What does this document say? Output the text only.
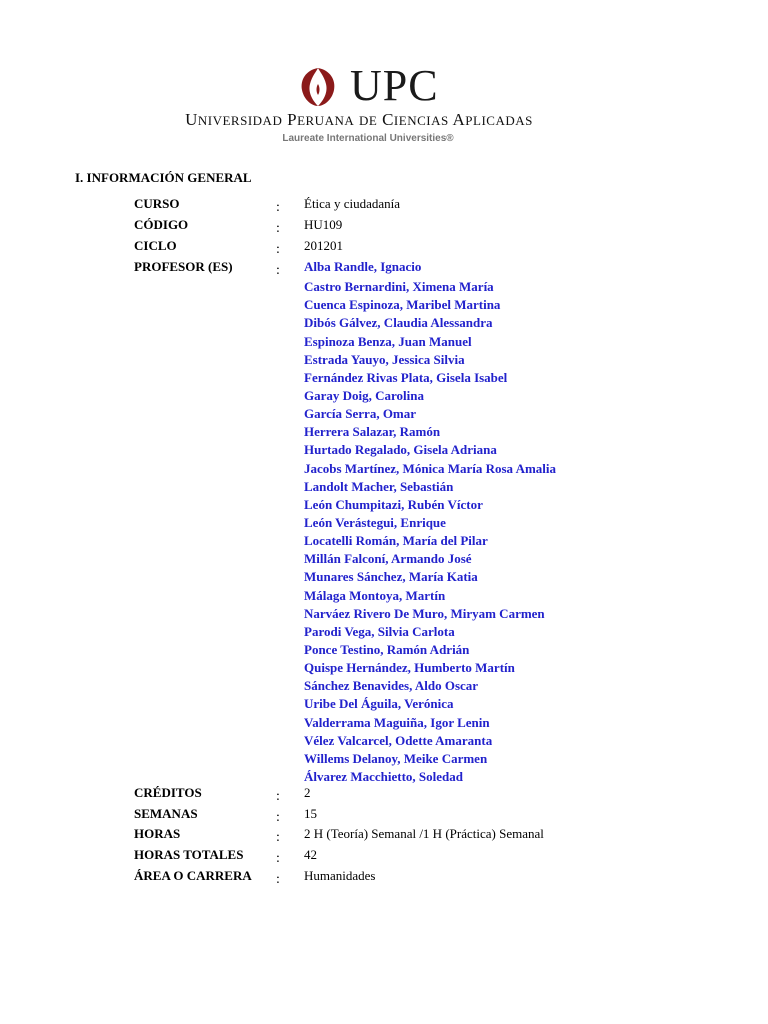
UPC
UNIVERSIDAD PERUANA DE CIENCIAS APLICADAS
Laureate International Universities®
I. INFORMACIÓN GENERAL
CURSO	: Ética y ciudadanía
CÓDIGO	: HU109
CICLO	: 201201
PROFESOR (ES)	: Alba Randle, Ignacio
Castro Bernardini, Ximena María
Cuenca Espinoza, Maribel Martina
Dibós Gálvez, Claudia Alessandra
Espinoza Benza, Juan Manuel
Estrada Yauyo, Jessica Silvia
Fernández Rivas Plata, Gisela Isabel
Garay Doig, Carolina
García Serra, Omar
Herrera Salazar, Ramón
Hurtado Regalado, Gisela Adriana
Jacobs Martínez, Mónica María Rosa Amalia
Landolt Macher, Sebastián
León Chumpitazi, Rubén Víctor
León Verástegui, Enrique
Locatelli Román, María del Pilar
Millán Falconí, Armando José
Munares Sánchez, María Katia
Málaga Montoya, Martín
Narváez Rivero De Muro, Miryam Carmen
Parodi Vega, Silvia Carlota
Ponce Testino, Ramón Adrián
Quispe Hernández, Humberto Martín
Sánchez Benavides, Aldo Oscar
Uribe Del Águila, Verónica
Valderrama Maguiña, Igor Lenin
Vélez Valcarcel, Odette Amaranta
Willems Delanoy, Meike Carmen
Álvarez Macchietto, Soledad
CRÉDITOS	: 2
SEMANAS	: 15
HORAS	: 2 H (Teoría) Semanal /1 H (Práctica) Semanal
HORAS TOTALES : 42
ÁREA O CARRERA : Humanidades
